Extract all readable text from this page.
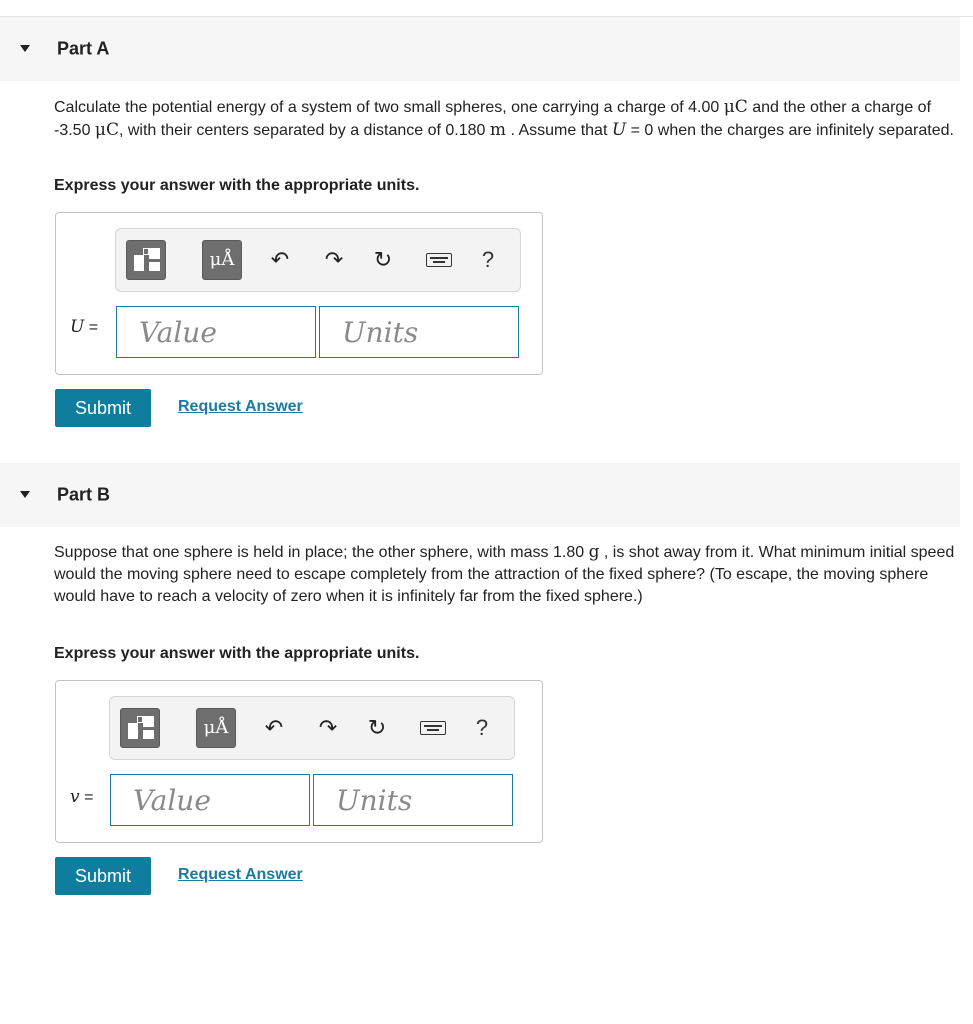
Part A
Calculate the potential energy of a system of two small spheres, one carrying a charge of 4.00 μC and the other a charge of -3.50 μC, with their centers separated by a distance of 0.180 m . Assume that U = 0 when the charges are infinitely separated.
Express your answer with the appropriate units.
μÅ	↶ ↷ ↻	?
U =
Value
Units
Submit	Request Answer
Part B
Suppose that one sphere is held in place; the other sphere, with mass 1.80 g , is shot away from it. What minimum initial speed would the moving sphere need to escape completely from the attraction of the fixed sphere? (To escape, the moving sphere would have to reach a velocity of zero when it is infinitely far from the fixed sphere.)
Express your answer with the appropriate units.
μÅ	↶ ↷ ↻	?
v =
Value
Units
Submit	Request Answer
